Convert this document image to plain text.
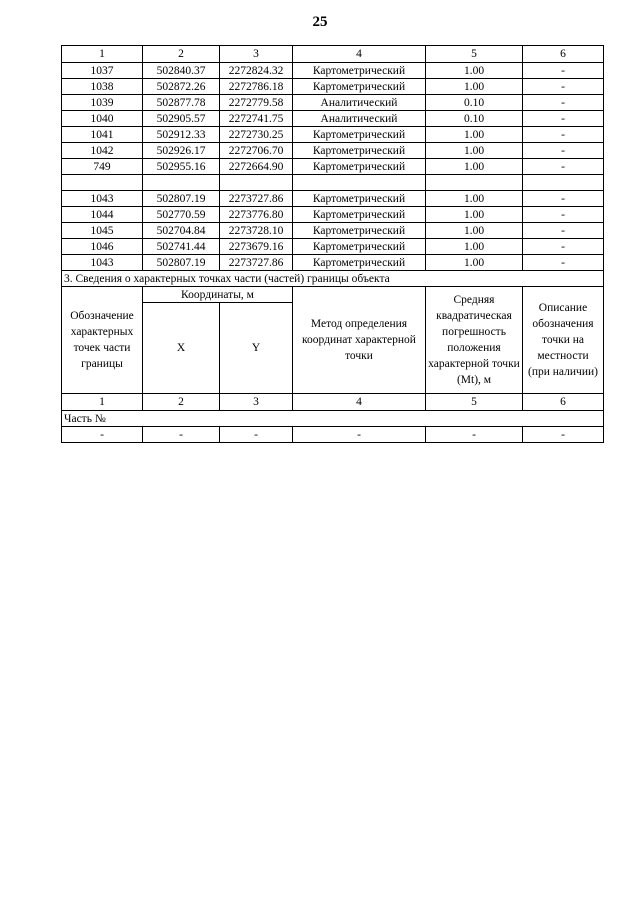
25
1	2	3	4	5	6
1037	502840.37	2272824.32	Картометрический	1.00	-
1038	502872.26	2272786.18	Картометрический	1.00	-
1039	502877.78	2272779.58	Аналитический	0.10	-
1040	502905.57	2272741.75	Аналитический	0.10	-
1041	502912.33	2272730.25	Картометрический	1.00	-
1042	502926.17	2272706.70	Картометрический	1.00	-
749	502955.16	2272664.90	Картометрический	1.00	-

1043	502807.19	2273727.86	Картометрический	1.00	-
1044	502770.59	2273776.80	Картометрический	1.00	-
1045	502704.84	2273728.10	Картометрический	1.00	-
1046	502741.44	2273679.16	Картометрический	1.00	-
1043	502807.19	2273727.86	Картометрический	1.00	-
3. Сведения о характерных точках части (частей) границы объекта					
Обозначение характерных точек части границы	Координаты, м		Метод определения координат характерной точки	Средняя квадратическая погрешность положения характерной точки (Mt), м	Описание обозначения точки на местности (при наличии)
	X	Y			
1	2	3	4	5	6
Часть №					
-	-	-	-	-	-
